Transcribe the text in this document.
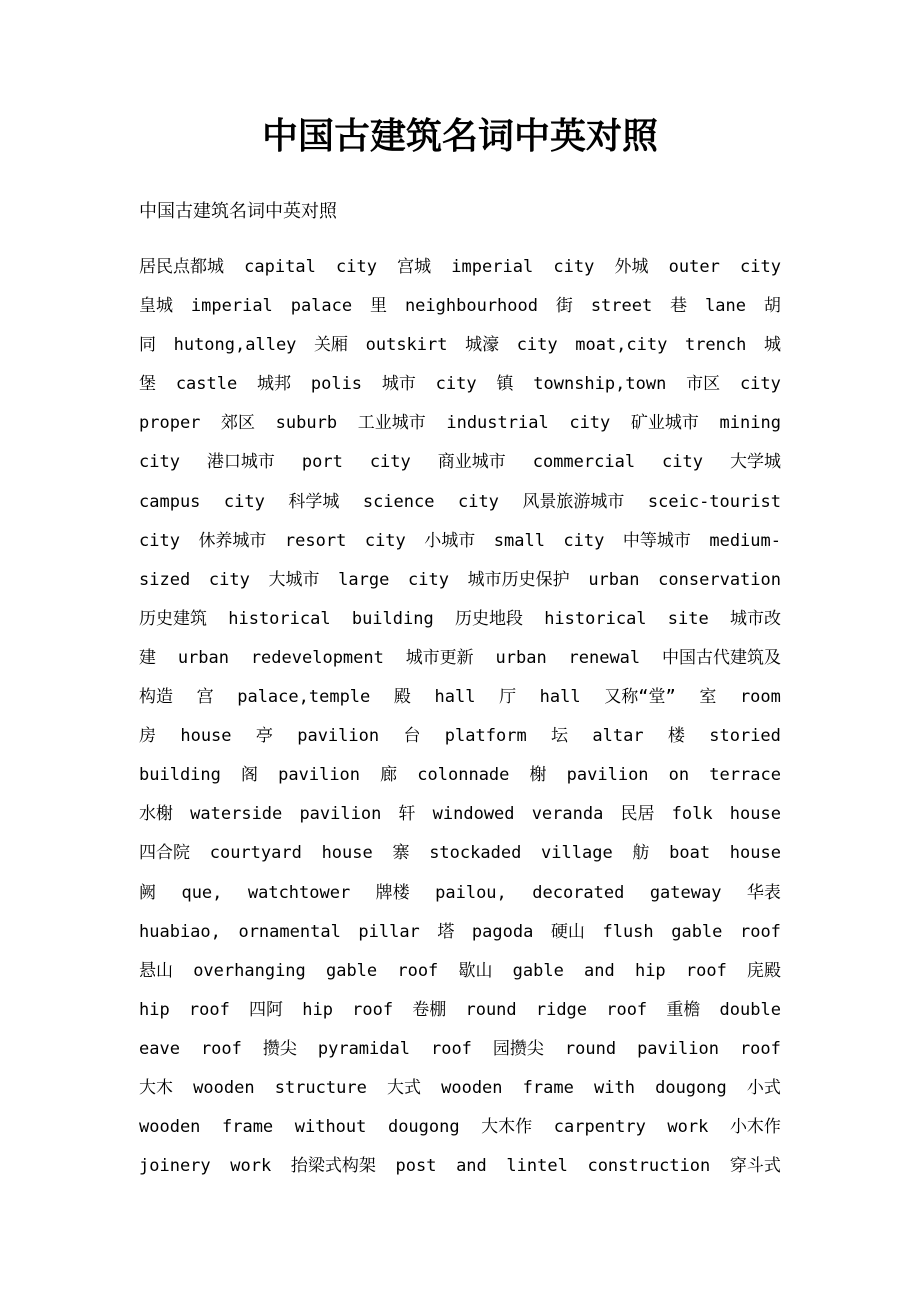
中国古建筑名词中英对照

中国古建筑名词中英对照

居民点都城 capital city 宫城 imperial city 外城 outer city
皇城 imperial palace 里 neighbourhood 街 street 巷 lane 胡
同 hutong,alley 关厢 outskirt 城濠 city moat,city trench 城
堡 castle 城邦 polis 城市 city 镇 township,town 市区 city
proper 郊区 suburb 工业城市 industrial city 矿业城市 mining
city 港口城市 port city 商业城市 commercial city 大学城
campus city 科学城 science city 风景旅游城市 sceic-tourist
city 休养城市 resort city 小城市 small city 中等城市 medium-
sized city 大城市 large city 城市历史保护 urban conservation
历史建筑 historical building 历史地段 historical site 城市改
建 urban redevelopment 城市更新 urban renewal 中国古代建筑及
构造 宫 palace,temple 殿 hall 厅 hall 又称“堂” 室 room
房 house 亭 pavilion 台 platform 坛 altar 楼 storied
building 阁 pavilion 廊 colonnade 榭 pavilion on terrace
水榭 waterside pavilion 轩 windowed veranda 民居 folk house
四合院 courtyard house 寨 stockaded village 舫 boat house
阙 que, watchtower 牌楼 pailou, decorated gateway 华表
huabiao, ornamental pillar 塔 pagoda 硬山 flush gable roof
悬山 overhanging gable roof 歇山 gable and hip roof 庑殿
hip roof 四阿 hip roof 卷棚 round ridge roof 重檐 double
eave roof 攒尖 pyramidal roof 园攒尖 round pavilion roof
大木 wooden structure 大式 wooden frame with dougong 小式
wooden frame without dougong 大木作 carpentry work 小木作
joinery work 抬梁式构架 post and lintel construction 穿斗式
